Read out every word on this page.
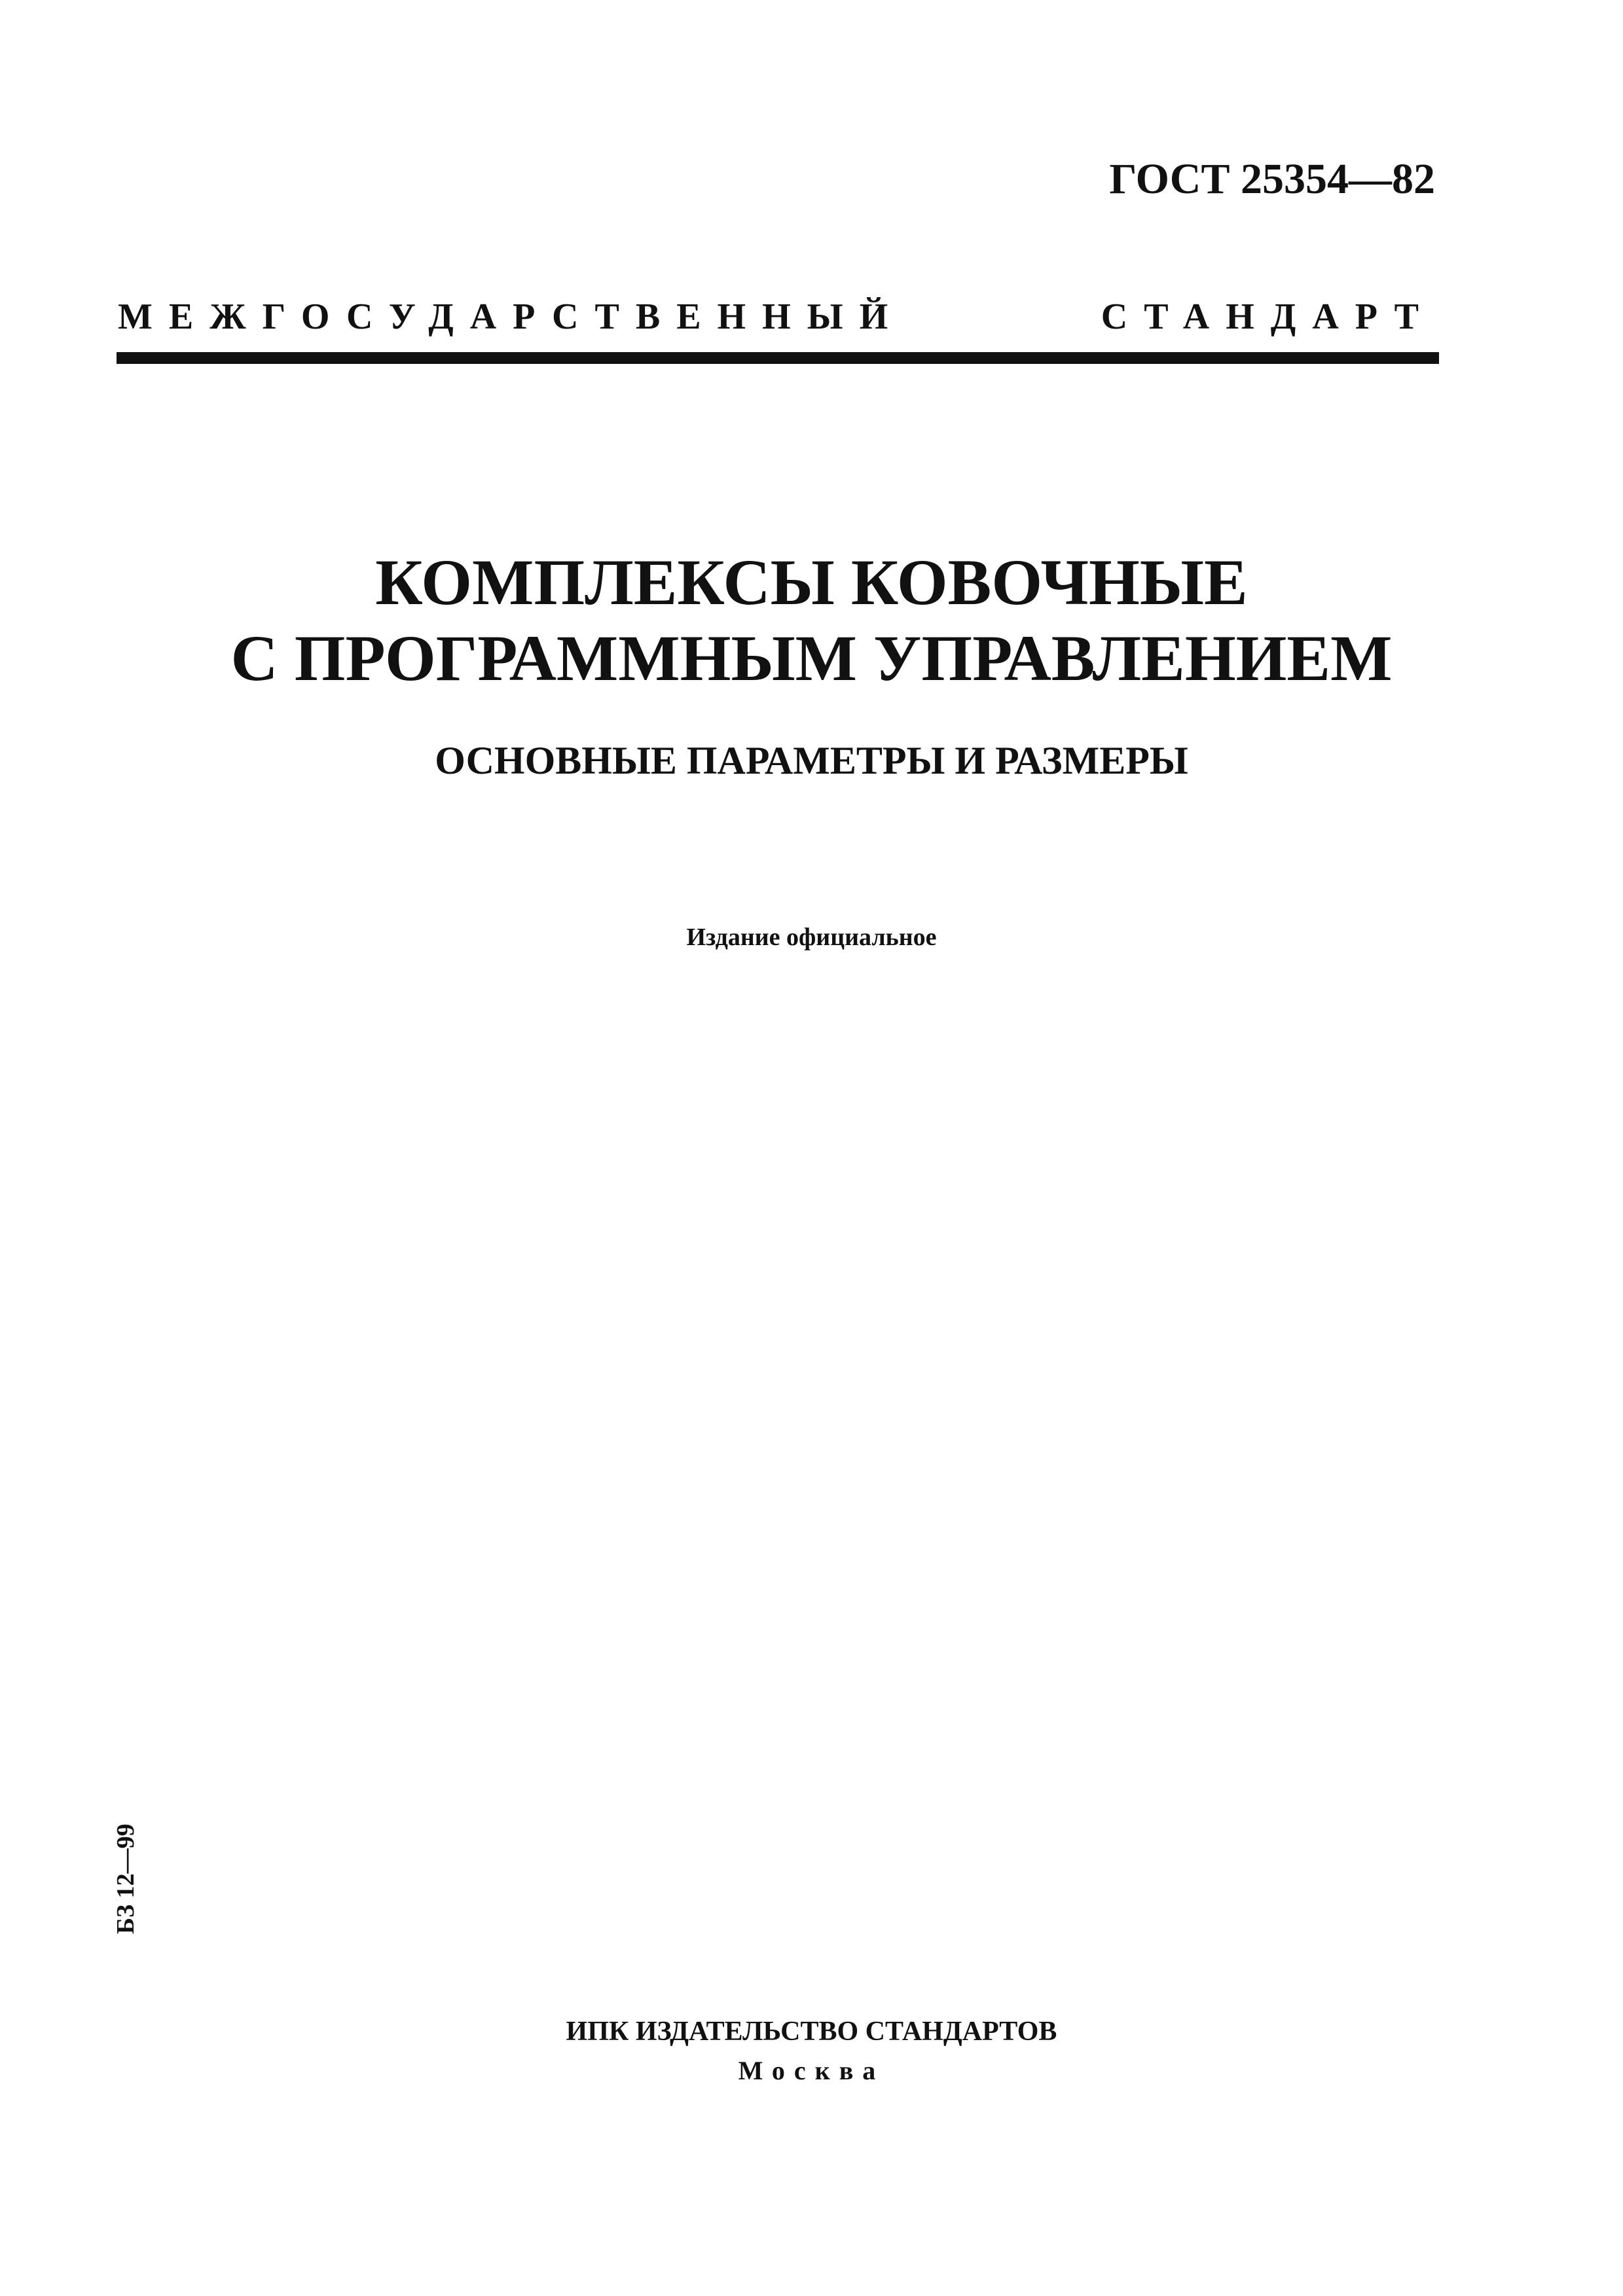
ГОСТ 25354—82
МЕЖГОСУДАРСТВЕННЫЙ	СТАНДАРТ
КОМПЛЕКСЫ КОВОЧНЫЕ
С ПРОГРАММНЫМ УПРАВЛЕНИЕМ
ОСНОВНЫЕ ПАРАМЕТРЫ И РАЗМЕРЫ
Издание официальное
БЗ 12—99
ИПК ИЗДАТЕЛЬСТВО СТАНДАРТОВ
Москва
